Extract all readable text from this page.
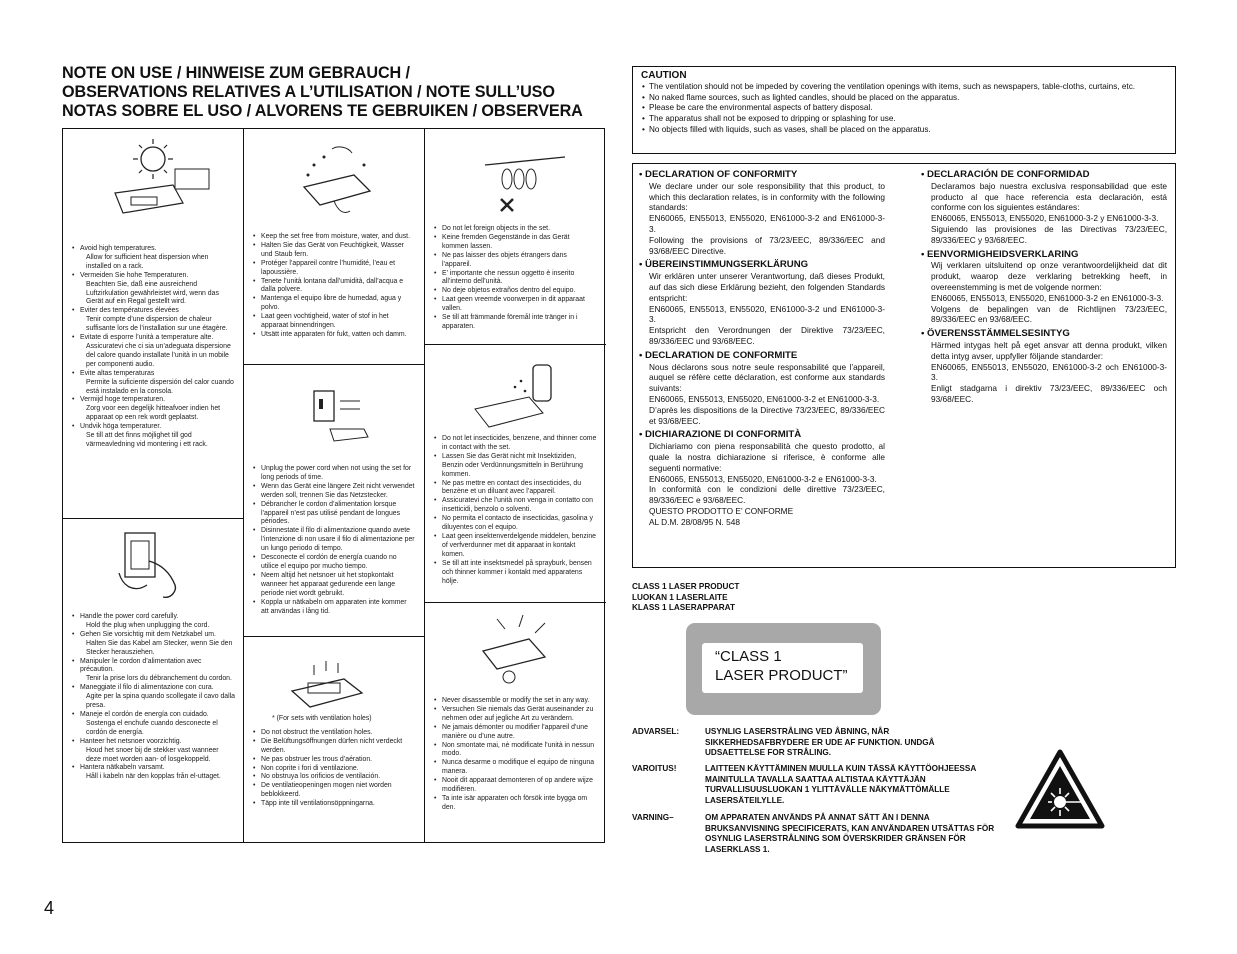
NOTE ON USE / HINWEISE ZUM GEBRAUCH /
OBSERVATIONS RELATIVES A L’UTILISATION / NOTE SULL’USO
NOTAS SOBRE EL USO / ALVORENS TE GEBRUIKEN / OBSERVERA
• Avoid high temperatures.
Allow for sufficient heat dispersion when installed on a rack.
• Vermeiden Sie hohe Temperaturen.
Beachten Sie, daß eine ausreichend Luftzirkulation gewährleistet wird, wenn das Gerät auf ein Regal gestellt wird.
• Eviter des températures élevées
Tenir compte d’une dispersion de chaleur suffisante lors de l’installation sur une étagère.
• Evitate di esporre l’unità a temperature alte.
Assicuratevi che ci sia un’adeguata dispersione del calore quando installate l’unità in un mobile per componenti audio.
• Evite altas temperaturas
Permite la suficiente dispersión del calor cuando está instalado en la consola.
• Vermijd hoge temperaturen.
Zorg voor een degelijk hitteafvoer indien het apparaat op een rek wordt geplaatst.
• Undvik höga temperaturer.
Se till att det finns möjlighet till god värmeavledning vid montering i ett rack.
• Handle the power cord carefully.
Hold the plug when unplugging the cord.
• Gehen Sie vorsichtig mit dem Netzkabel um.
Halten Sie das Kabel am Stecker, wenn Sie den Stecker herausziehen.
• Manipuler le cordon d’alimentation avec précaution.
Tenir la prise lors du débranchement du cordon.
• Maneggiate il filo di alimentazione con cura.
Agite per la spina quando scollegate il cavo dalla presa.
• Maneje el cordón de energía con cuidado.
Sostenga el enchufe cuando desconecte el cordón de energía.
• Hanteer het netsnoer voorzichtig.
Houd het snoer bij de stekker vast wanneer deze moet worden aan- of losgekoppeld.
• Hantera nätkabeln varsamt.
Håll i kabeln när den kopplas från el-uttaget.
• Keep the set free from moisture, water, and dust.
• Halten Sie das Gerät von Feuchtigkeit, Wasser und Staub fern.
• Protéger l’appareil contre l’humidité, l’eau et lapoussière.
• Tenete l’unità lontana dall’umidità, dall’acqua e dalla polvere.
• Mantenga el equipo libre de humedad, agua y polvo.
• Laat geen vochtigheid, water of stof in het apparaat binnendringen.
• Utsätt inte apparaten för fukt, vatten och damm.
• Unplug the power cord when not using the set for long periods of time.
• Wenn das Gerät eine längere Zeit nicht verwendet werden soll, trennen Sie das Netzstecker.
• Débrancher le cordon d’alimentation lorsque l’appareil n’est pas utilisé pendant de longues périodes.
• Disinnestate il filo di alimentazione quando avete l’intenzione di non usare il filo di alimentazione per un lungo periodo di tempo.
• Desconecte el cordón de energía cuando no utilice el equipo por mucho tiempo.
• Neem altijd het netsnoer uit het stopkontakt wanneer het apparaat gedurende een lange periode niet wordt gebruikt.
• Koppla ur nätkabeln om apparaten inte kommer att användas i lång tid.
* (For sets with ventilation holes)
• Do not obstruct the ventilation holes.
• Die Belüftungsöffnungen dürfen nicht verdeckt werden.
• Ne pas obstruer les trous d’aération.
• Non coprite i fori di ventilazione.
• No obstruya los orificios de ventilación.
• De ventilatieopeningen mogen niet worden beblokkeerd.
• Täpp inte till ventilationsöppningarna.
• Do not let foreign objects in the set.
• Keine fremden Gegenstände in das Gerät kommen lassen.
• Ne pas laisser des objets étrangers dans l’appareil.
• E’ importante che nessun oggetto è inserito all’interno dell’unità.
• No deje objetos extraños dentro del equipo.
• Laat geen vreemde voorwerpen in dit apparaat vallen.
• Se till att främmande föremål inte tränger in i apparaten.
• Do not let insecticides, benzene, and thinner come in contact with the set.
• Lassen Sie das Gerät nicht mit Insektiziden, Benzin oder Verdünnungsmitteln in Berührung kommen.
• Ne pas mettre en contact des insecticides, du benzène et un diluant avec l’appareil.
• Assicuratevi che l’unità non venga in contatto con insetticidi, benzolo o solventi.
• No permita el contacto de insecticidas, gasolina y diluyentes con el equipo.
• Laat geen insektenverdelgende middelen, benzine of verfverdunner met dit apparaat in kontakt komen.
• Se till att inte insektsmedel på sprayburk, bensen och thinner kommer i kontakt med apparatens hölje.
• Never disassemble or modify the set in any way.
• Versuchen Sie niemals das Gerät auseinander zu nehmen oder auf jegliche Art zu verändern.
• Ne jamais démonter ou modifier l’appareil d’une manière ou d’une autre.
• Non smontate mai, nè modificate l’unità in nessun modo.
• Nunca desarme o modifique el equipo de ninguna manera.
• Nooit dit apparaat demonteren of op andere wijze modifiëren.
• Ta inte isär apparaten och försök inte bygga om den.
CAUTION
• The ventilation should not be impeded by covering the ventilation openings with items, such as newspapers, table-cloths, curtains, etc.
• No naked flame sources, such as lighted candles, should be placed on the apparatus.
• Please be care the environmental aspects of battery disposal.
• The apparatus shall not be exposed to dripping or splashing for use.
• No objects filled with liquids, such as vases, shall be placed on the apparatus.
• DECLARATION OF CONFORMITY
We declare under our sole responsibility that this product, to which this declaration relates, is in conformity with the following standards:
EN60065, EN55013, EN55020, EN61000-3-2 and EN61000-3-3.
Following the provisions of 73/23/EEC, 89/336/EEC and 93/68/EEC Directive.
• ÜBEREINSTIMMUNGSERKLÄRUNG
Wir erklären unter unserer Verantwortung, daß dieses Produkt, auf das sich diese Erklärung bezieht, den folgenden Standards entspricht:
EN60065, EN55013, EN55020, EN61000-3-2 und EN61000-3-3.
Entspricht den Verordnungen der Direktive 73/23/EEC, 89/336/EEC und 93/68/EEC.
• DECLARATION DE CONFORMITE
Nous déclarons sous notre seule responsabilité que l’appareil, auquel se réfère cette déclaration, est conforme aux standards suivants:
EN60065, EN55013, EN55020, EN61000-3-2 et EN61000-3-3.
D’après les dispositions de la Directive 73/23/EEC, 89/336/EEC et 93/68/EEC.
• DICHIARAZIONE DI CONFORMITÀ
Dichiariamo con piena responsabilità che questo prodotto, al quale la nostra dichiarazione si riferisce, è conforme alle seguenti normative:
EN60065, EN55013, EN55020, EN61000-3-2 e EN61000-3-3.
In conformità con le condizioni delle direttive 73/23/EEC, 89/336/EEC e 93/68/EEC.
QUESTO PRODOTTO E’ CONFORME
AL D.M. 28/08/95 N. 548
• DECLARACIÓN DE CONFORMIDAD
Declaramos bajo nuestra exclusiva responsabilidad que este producto al que hace referencia esta declaración, está conforme con los siguientes estándares:
EN60065, EN55013, EN55020, EN61000-3-2 y EN61000-3-3.
Siguiendo las provisiones de las Directivas 73/23/EEC, 89/336/EEC y 93/68/EEC.
• EENVORMIGHEIDSVERKLARING
Wij verklaren uitsluitend op onze verantwoordelijkheid dat dit produkt, waarop deze verklaring betrekking heeft, in overeenstemming is met de volgende normen:
EN60065, EN55013, EN55020, EN61000-3-2 en EN61000-3-3.
Volgens de bepalingen van de Richtlijnen 73/23/EEC, 89/336/EEC en 93/68/EEC.
• ÖVERENSSTÄMMELSESINTYG
Härmed intygas helt på eget ansvar att denna produkt, vilken detta intyg avser, uppfyller följande standarder:
EN60065, EN55013, EN55020, EN61000-3-2 och EN61000-3-3.
Enligt stadgarna i direktiv 73/23/EEC, 89/336/EEC och 93/68/EEC.
CLASS 1 LASER PRODUCT
LUOKAN 1 LASERLAITE
KLASS 1 LASERAPPARAT
“CLASS 1
LASER PRODUCT”
ADVARSEL:	USYNLIG LASERSTRÅLING VED ÅBNING, NÅR SIKKERHEDSAFBRYDERE ER UDE AF FUNKTION. UNDGÅ UDSAETTELSE FOR STRÅLING.
VAROITUS!	LAITTEEN KÄYTTÄMINEN MUULLA KUIN TÄSSÄ KÄYTTÖOHJEESSA MAINITULLA TAVALLA SAATTAA ALTISTAA KÄYTTÄJÄN TURVALLISUUSLUOKAN 1 YLITTÄVÄLLE NÄKYMÄTTÖMÄLLE LASERSÄTEILYLLE.
VARNING–	OM APPARATEN ANVÄNDS PÅ ANNAT SÄTT ÄN I DENNA BRUKSANVISNING SPECIFICERATS, KAN ANVÄNDAREN UTSÄTTAS FÖR OSYNLIG LASERSTRÅLNING SOM ÖVERSKRIDER GRÄNSEN FÖR LASERKLASS 1.
4
